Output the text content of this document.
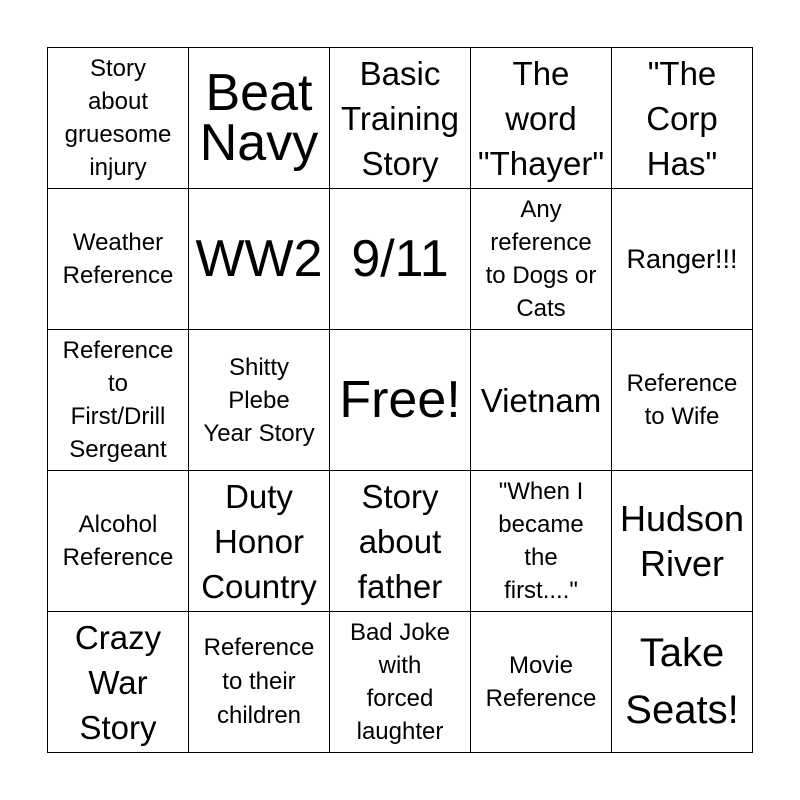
Story
about
gruesome
injury
Beat
Navy
Basic
Training
Story
The
word
"Thayer"
"The
Corp
Has"
Weather
Reference WW2 9/11
Any
reference
to Dogs or
Cats
Ranger!!!
Reference
to
First/Drill
Sergeant
Shitty
Plebe
Year Story
Free! Vietnam Reference
to Wife
Alcohol
Reference
Duty
Honor
Country
Story
about
father
"When I
became
the
first...."
Hudson
River
Crazy
War
Story
Reference
to their
children
Bad Joke
with
forced
laughter
Movie
Reference
Take
Seats!
